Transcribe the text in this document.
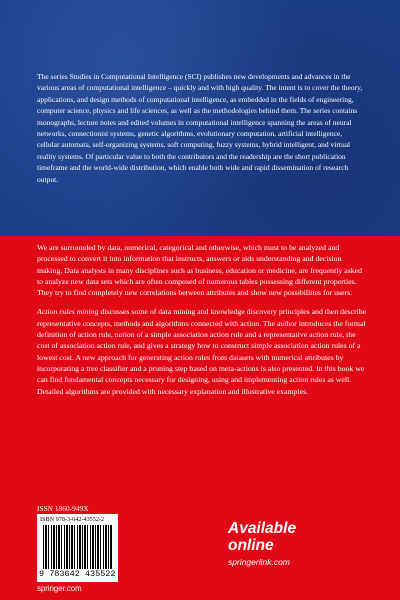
The series Studies in Computational Intelligence (SCI) publishes new developments and advances in the various areas of computational intelligence – quickly and with high quality. The intent is to cover the theory, applications, and design methods of computational intelligence, as embedded in the fields of engineering, computer science, physics and life sciences, as well as the methodologies behind them. The series contains monographs, lecture notes and edited volumes in computational intelligence spanning the areas of neural networks, connectionist systems, genetic algorithms, evolutionary computation, artificial intelligence, cellular automata, self-organizing systems, soft computing, fuzzy systems, hybrid intelligent, and virtual reality systems. Of particular value to both the contributors and the readership are the short publication timeframe and the world-wide distribution, which enable both wide and rapid dissemination of research output.

We are surrounded by data, numerical, categorical and otherwise, which must to be analyzed and processed to convert it into information that instructs, answers or aids understanding and decision making. Data analysts in many disciplines such as business, education or medicine, are frequently asked to analyze new data sets which are often composed of numerous tables possessing different properties. They try to find completely new correlations between attributes and show new possibilities for users.

Action rules mining discusses some of data mining and knowledge discovery principles and then describe representative concepts, methods and algorithms connected with action. The author introduces the formal definition of action rule, notion of a simple association action rule and a representative action rule, the cost of association action rule, and gives a strategy how to construct simple association action rules of a lowest cost. A new approach for generating action rules from datasets with numerical attributes by incorporating a tree classifier and a pruning step based on meta-actions is also presented. In this book we can find fundamental concepts necessary for designing, using and implementing action rules as well. Detailed algorithms are provided with necessary explanation and illustrative examples.

ISSN 1860-949X
ISBN 978-3-642-43552-2
9 783642 435522
Available
online
springerlink.com
springer.com
